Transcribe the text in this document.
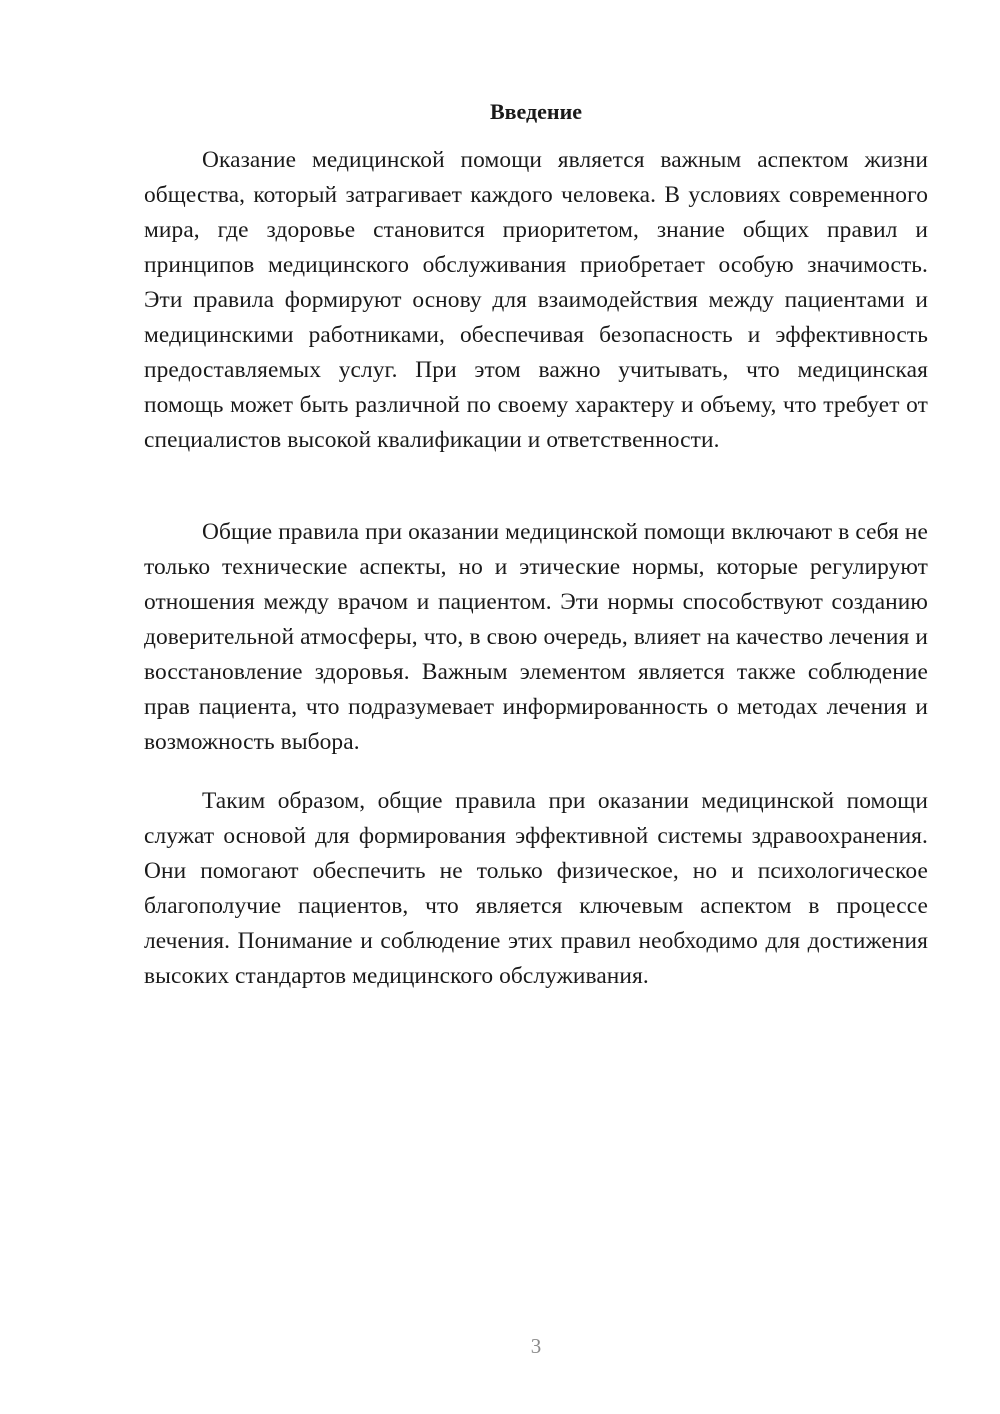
Введение

Оказание медицинской помощи является важным аспектом жизни общества, который затрагивает каждого человека. В условиях современного мира, где здоровье становится приоритетом, знание общих правил и принципов медицинского обслуживания приобретает особую значимость. Эти правила формируют основу для взаимодействия между пациентами и медицинскими работниками, обеспечивая безопасность и эффективность предоставляемых услуг. При этом важно учитывать, что медицинская помощь может быть различной по своему характеру и объему, что требует от специалистов высокой квалификации и ответственности.

Общие правила при оказании медицинской помощи включают в себя не только технические аспекты, но и этические нормы, которые регулируют отношения между врачом и пациентом. Эти нормы способствуют созданию доверительной атмосферы, что, в свою очередь, влияет на качество лечения и восстановление здоровья. Важным элементом является также соблюдение прав пациента, что подразумевает информированность о методах лечения и возможность выбора.

Таким образом, общие правила при оказании медицинской помощи служат основой для формирования эффективной системы здравоохранения. Они помогают обеспечить не только физическое, но и психологическое благополучие пациентов, что является ключевым аспектом в процессе лечения. Понимание и соблюдение этих правил необходимо для достижения высоких стандартов медицинского обслуживания.

3
